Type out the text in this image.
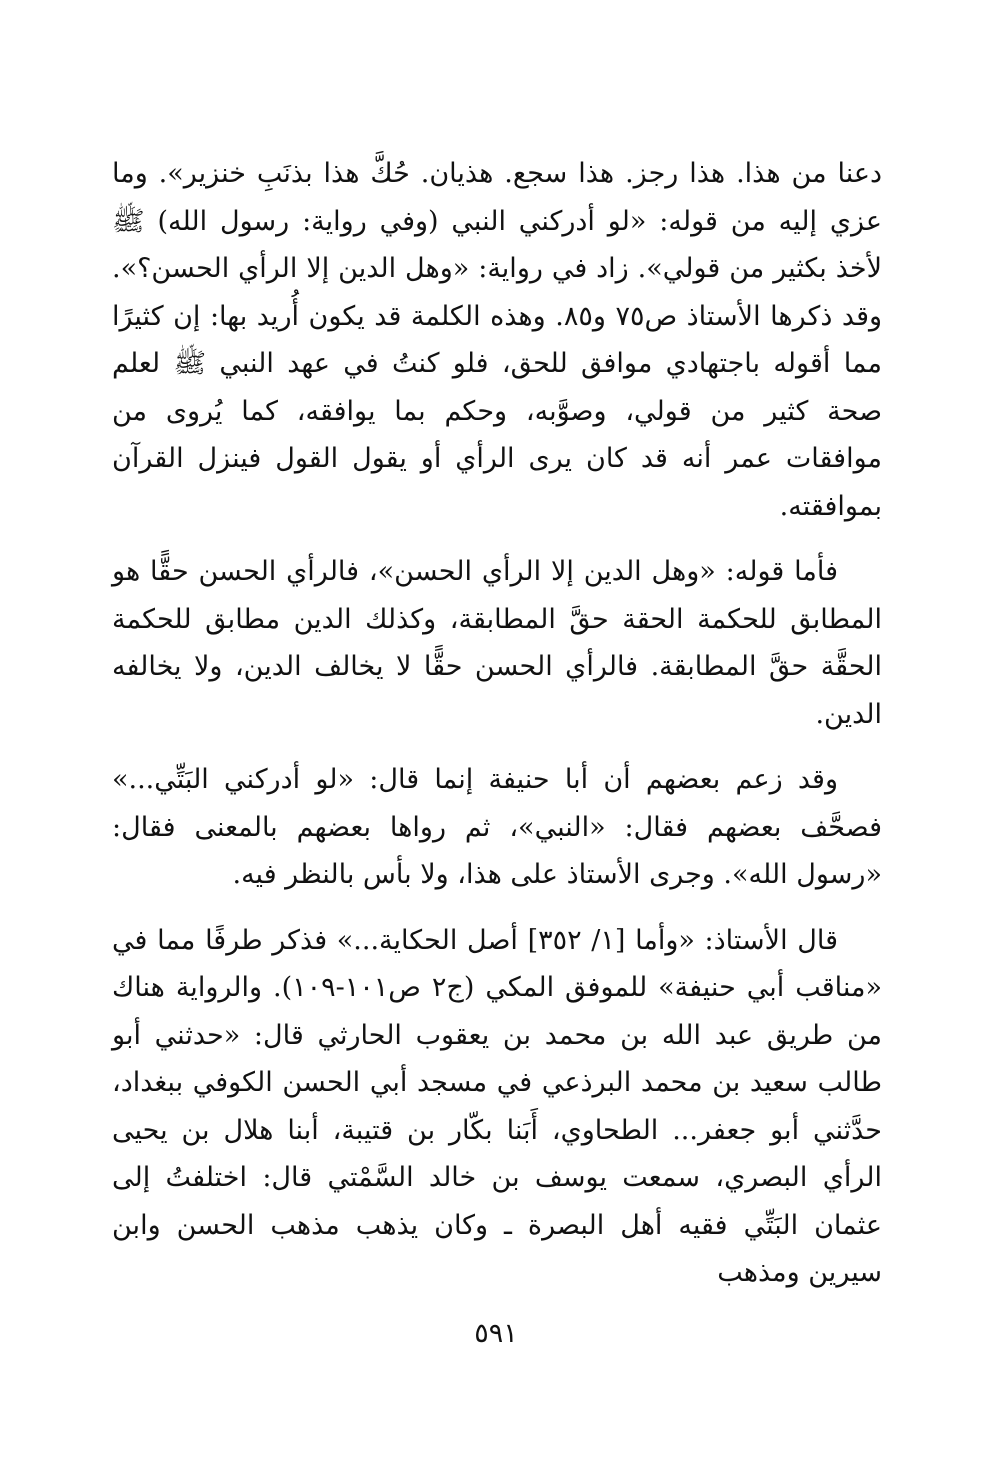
دعنا من هذا. هذا رجز. هذا سجع. هذيان. حُكَّ هذا بذنَبِ خنزير». وما عزي إليه من قوله: «لو أدركني النبي (وفي رواية: رسول الله) ﷺ لأخذ بكثير من قولي». زاد في رواية: «وهل الدين إلا الرأي الحسن؟». وقد ذكرها الأستاذ ص٧٥ و٨٥. وهذه الكلمة قد يكون أُريد بها: إن كثيرًا مما أقوله باجتهادي موافق للحق، فلو كنتُ في عهد النبي ﷺ لعلم صحة كثير من قولي، وصوَّبه، وحكم بما يوافقه، كما يُروى من موافقات عمر أنه قد كان يرى الرأي أو يقول القول فينزل القرآن بموافقته.

فأما قوله: «وهل الدين إلا الرأي الحسن»، فالرأي الحسن حقًّا هو المطابق للحكمة الحقة حقَّ المطابقة، وكذلك الدين مطابق للحكمة الحقَّة حقَّ المطابقة. فالرأي الحسن حقًّا لا يخالف الدين، ولا يخالفه الدين.

وقد زعم بعضهم أن أبا حنيفة إنما قال: «لو أدركني البَتِّي...» فصحَّف بعضهم فقال: «النبي»، ثم رواها بعضهم بالمعنى فقال: «رسول الله». وجرى الأستاذ على هذا، ولا بأس بالنظر فيه.

قال الأستاذ: «وأما [١/ ٣٥٢] أصل الحكاية...» فذكر طرفًا مما في «مناقب أبي حنيفة» للموفق المكي (ج٢ ص١٠١-١٠٩). والرواية هناك من طريق عبد الله بن محمد بن يعقوب الحارثي قال: «حدثني أبو طالب سعيد بن محمد البرذعي في مسجد أبي الحسن الكوفي ببغداد، حدَّثني أبو جعفر... الطحاوي، أَبَنا بكّار بن قتيبة، أبنا هلال بن يحيى الرأي البصري، سمعت يوسف بن خالد السَّمْتي قال: اختلفتُ إلى عثمان البَتِّي فقيه أهل البصرة ـ وكان يذهب مذهب الحسن وابن سيرين ومذهب

٥٩١
